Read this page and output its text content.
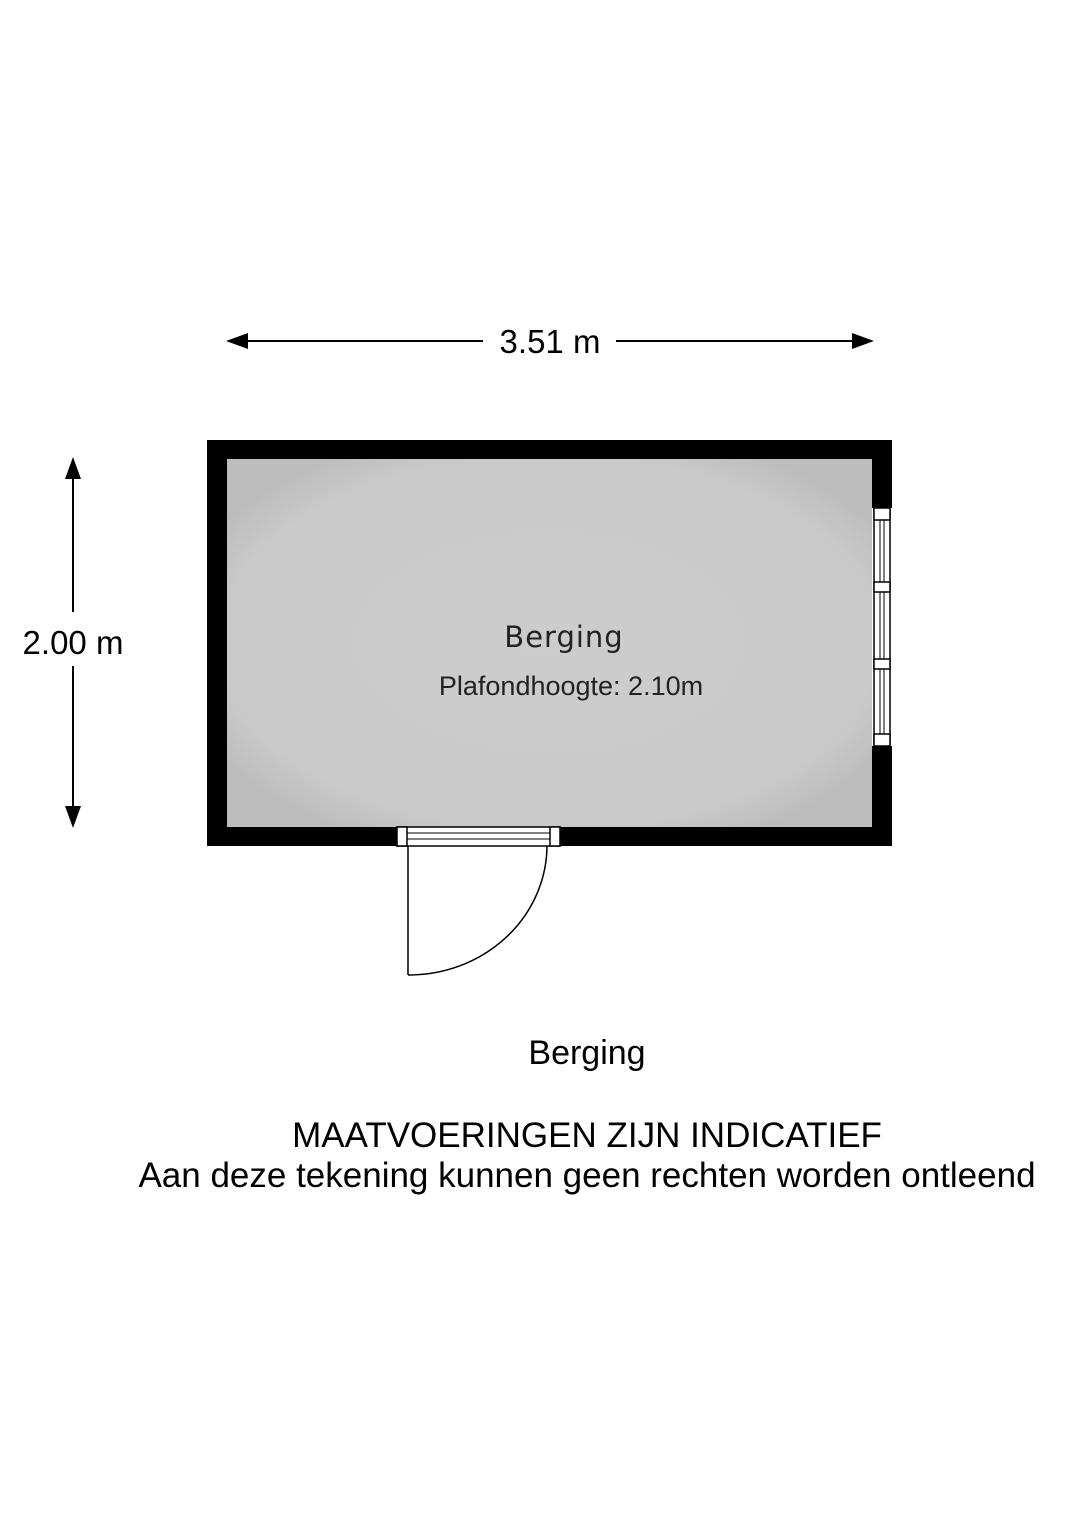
3.51 m
2.00 m	Berging
Plafondhoogte: 2.10m
Berging
MAATVOERINGEN ZIJN INDICATIEF
Aan deze tekening kunnen geen rechten worden ontleend
